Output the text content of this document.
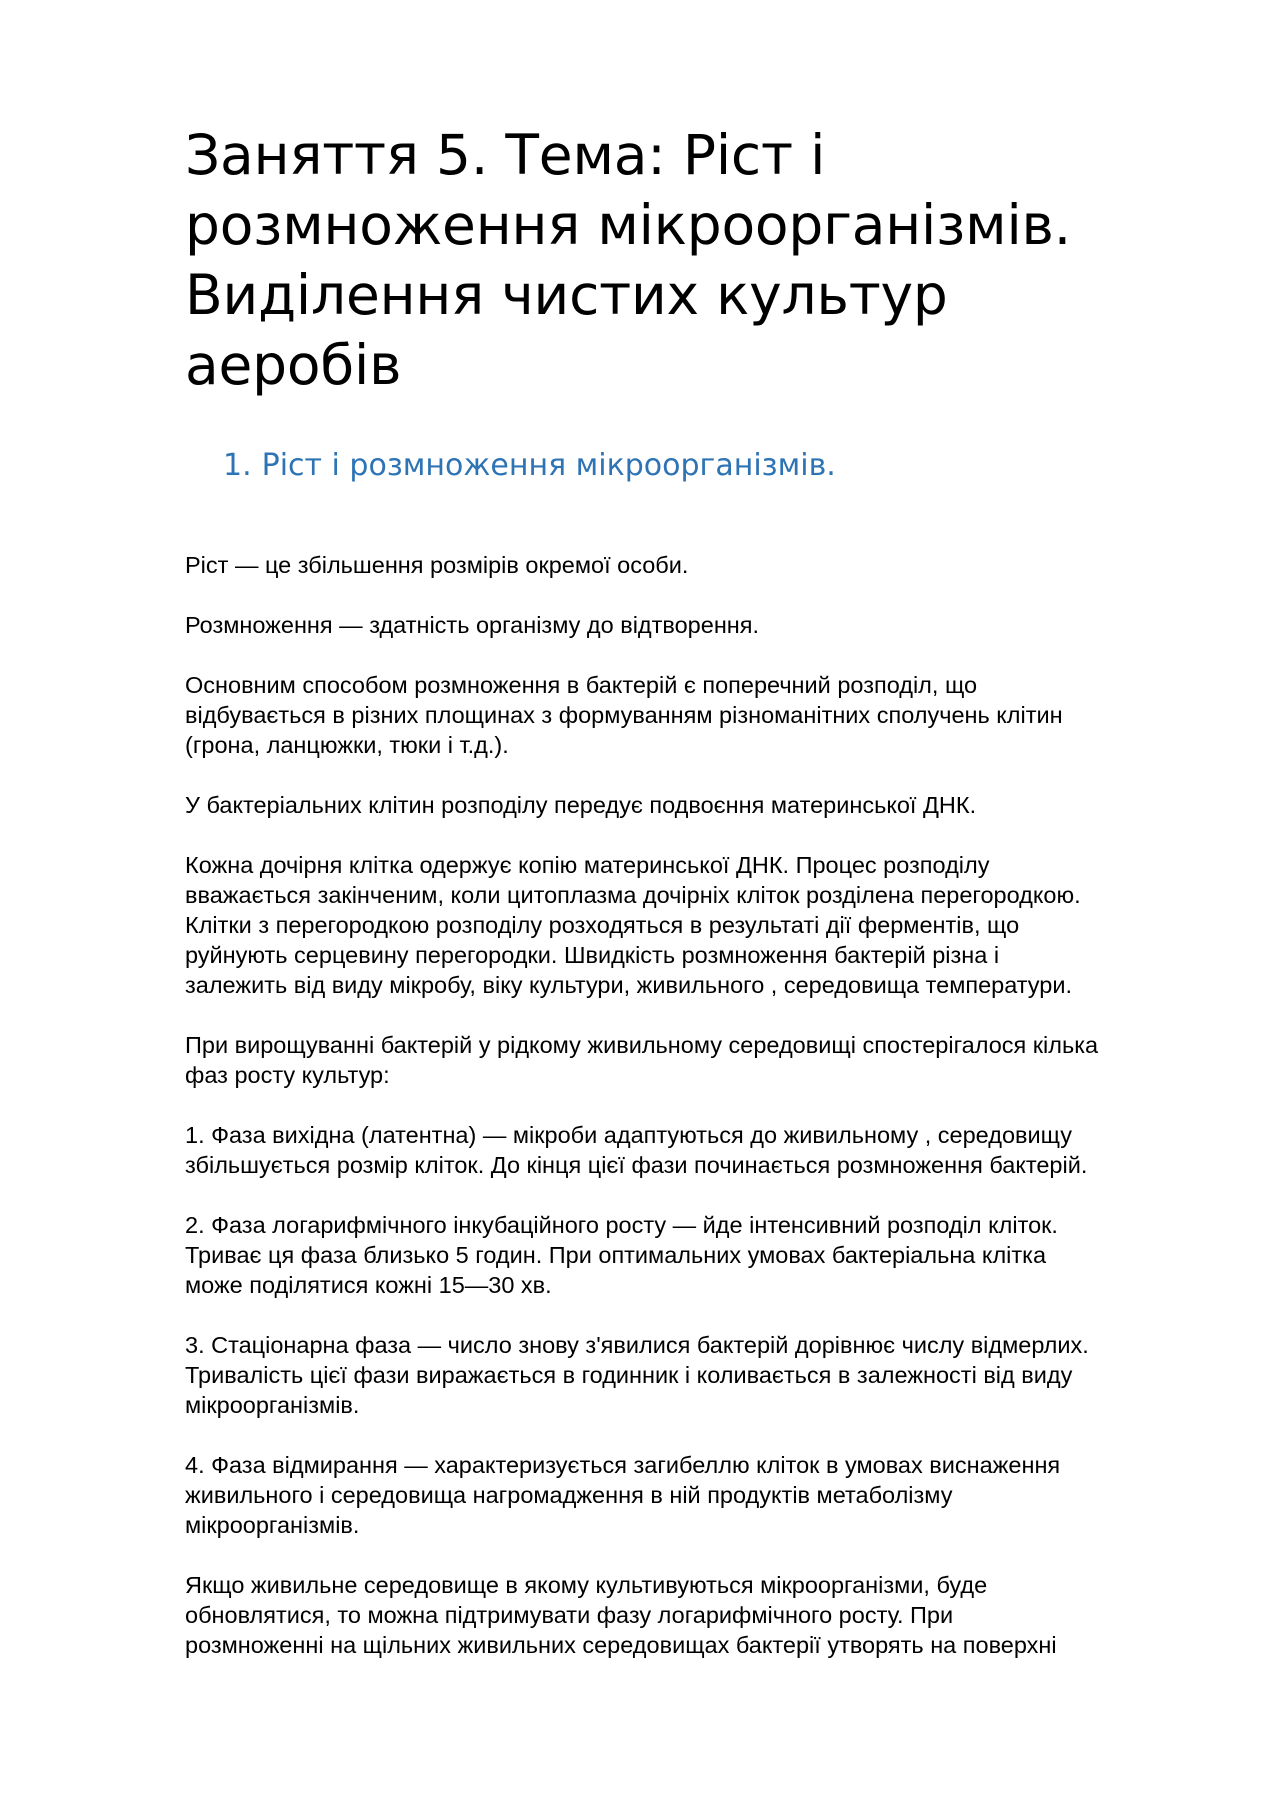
Заняття 5. Тема: Ріст і
розмноження мікроорганізмів.
Виділення чистих культур
аеробів
1. Ріст і розмноження мікроорганізмів.

Ріст — це збільшення розмірів окремої особи.

Розмноження — здатність організму до відтворення.

Основним способом розмноження в бактерій є поперечний розподіл, що
відбувається в різних площинах з формуванням різноманітних сполучень клітин
(грона, ланцюжки, тюки і т.д.).

У бактеріальних клітин розподілу передує подвоєння материнської ДНК.

Кожна дочірня клітка одержує копію материнської ДНК. Процес розподілу
вважається закінченим, коли цитоплазма дочірніх кліток розділена перегородкою.
Клітки з перегородкою розподілу розходяться в результаті дії ферментів, що
руйнують серцевину перегородки. Швидкість розмноження бактерій різна і
залежить від виду мікробу, віку культури, живильного , середовища температури.

При вирощуванні бактерій у рідкому живильному середовищі спостерігалося кілька
фаз росту культур:

1. Фаза вихідна (латентна) — мікроби адаптуються до живильному , середовищу
збільшується розмір кліток. До кінця цієї фази починається розмноження бактерій.

2. Фаза логарифмічного інкубаційного росту — йде інтенсивний розподіл кліток.
Триває ця фаза близько 5 годин. При оптимальних умовах бактеріальна клітка
може поділятися кожні 15—30 хв.

3. Стаціонарна фаза — число знову з'явилися бактерій дорівнює числу відмерлих.
Тривалість цієї фази виражається в годинник і коливається в залежності від виду
мікроорганізмів.

4. Фаза відмирання — характеризується загибеллю кліток в умовах виснаження
живильного і середовища нагромадження в ній продуктів метаболізму
мікроорганізмів.

Якщо живильне середовище в якому культивуються мікроорганізми, буде
обновлятися, то можна підтримувати фазу логарифмічного росту. При
розмноженні на щільних живильних середовищах бактерії утворять на поверхні
